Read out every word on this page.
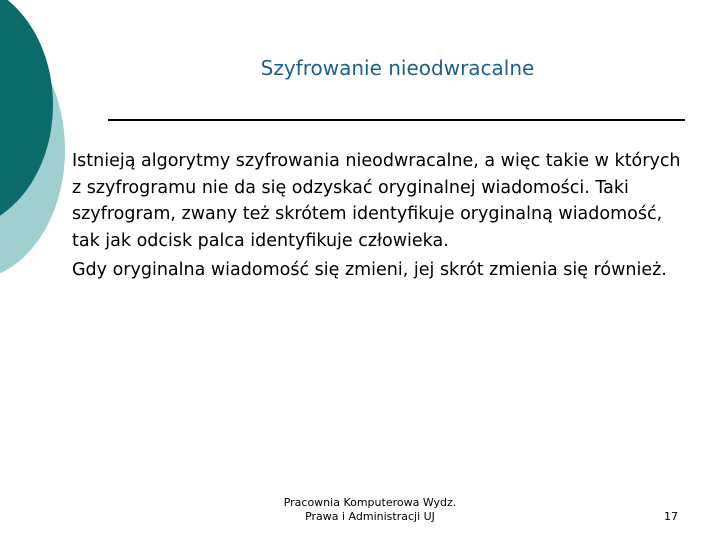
Szyfrowanie nieodwracalne

Istnieją algorytmy szyfrowania nieodwracalne, a więc takie w których z szyfrogramu nie da się odzyskać oryginalnej wiadomości. Taki szyfrogram, zwany też skrótem identyfikuje oryginalną wiadomość, tak jak odcisk palca identyfikuje człowieka.

Gdy oryginalna wiadomość się zmieni, jej skrót zmienia się również.

Pracownia Komputerowa Wydz.
Prawa i Administracji UJ	17
